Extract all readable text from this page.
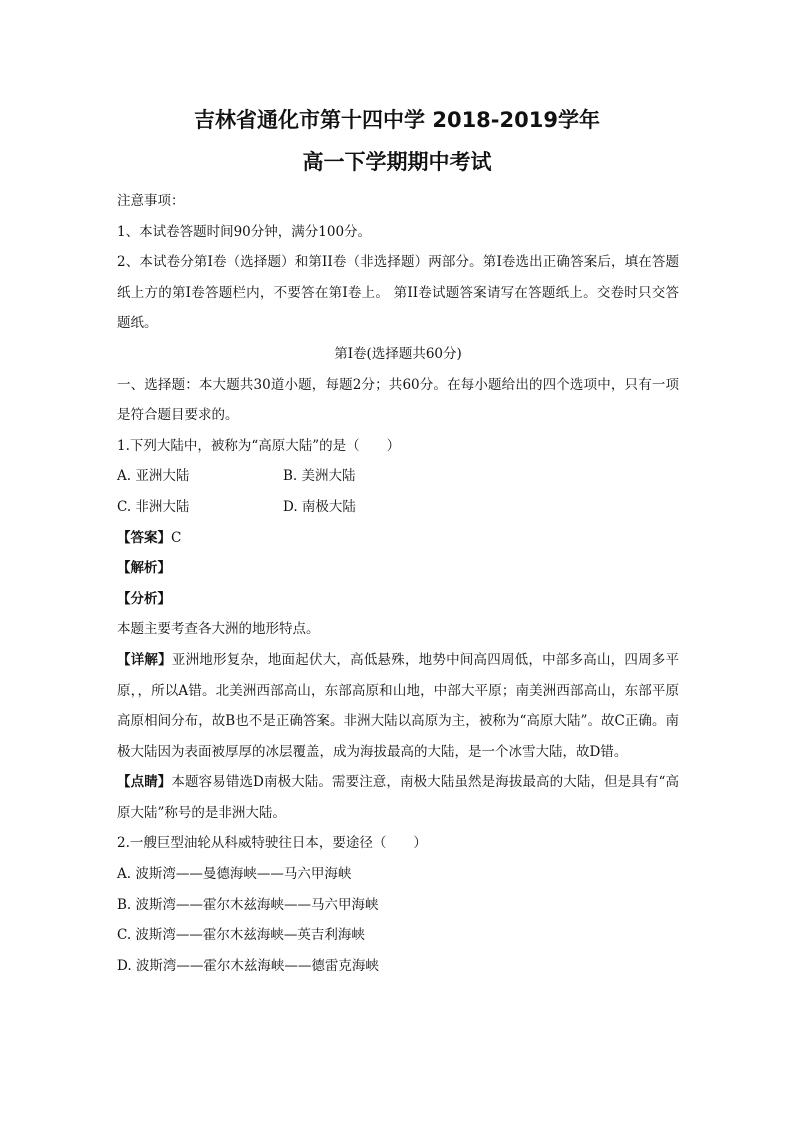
吉林省通化市第十四中学 2018-2019学年
高一下学期期中考试

注意事项：

1、本试卷答题时间90分钟，满分100分。

2、本试卷分第I卷（选择题）和第II卷（非选择题）两部分。第I卷选出正确答案后，填在答题纸上方的第I卷答题栏内，不要答在第I卷上。 第II卷试题答案请写在答题纸上。交卷时只交答题纸。

第Ⅰ卷(选择题共60分)

一、选择题：本大题共30道小题，每题2分；共60分。在每小题给出的四个选项中，只有一项是符合题目要求的。

1.下列大陆中，被称为“高原大陆”的是（　　）

A. 亚洲大陆	B. 美洲大陆
C. 非洲大陆	D. 南极大陆

【答案】C

【解析】

【分析】

本题主要考查各大洲的地形特点。

【详解】亚洲地形复杂，地面起伏大，高低悬殊，地势中间高四周低，中部多高山，四周多平原，，所以A错。北美洲西部高山，东部高原和山地，中部大平原；南美洲西部高山，东部平原高原相间分布，故B也不是正确答案。非洲大陆以高原为主，被称为“高原大陆”。故C正确。南极大陆因为表面被厚厚的冰层覆盖，成为海拔最高的大陆，是一个冰雪大陆，故D错。

【点睛】本题容易错选D南极大陆。需要注意，南极大陆虽然是海拔最高的大陆，但是具有“高原大陆”称号的是非洲大陆。

2.一艘巨型油轮从科威特驶往日本，要途径（　　）

A. 波斯湾——曼德海峡——马六甲海峡

B. 波斯湾——霍尔木兹海峡——马六甲海峡

C. 波斯湾——霍尔木兹海峡—英吉利海峡

D. 波斯湾——霍尔木兹海峡——德雷克海峡
